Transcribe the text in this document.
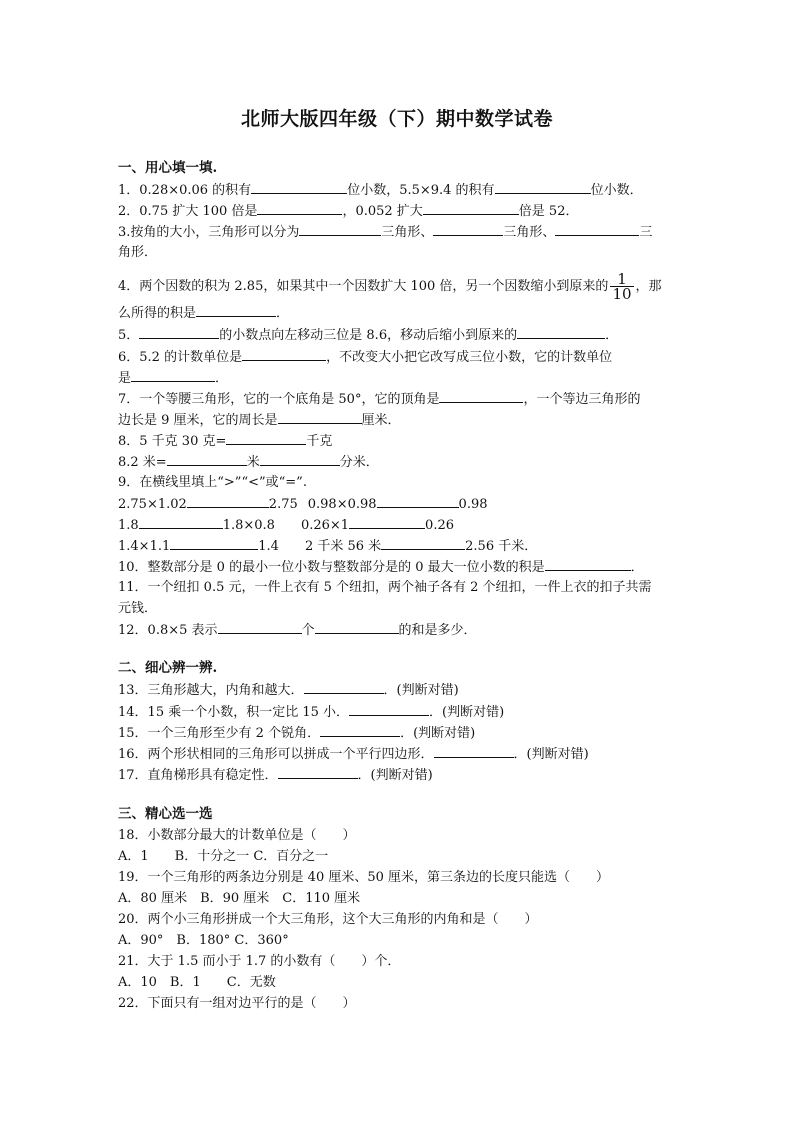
北师大版四年级（下）期中数学试卷
一、用心填一填.
1．0.28×0.06 的积有	位小数，5.5×9.4 的积有	位小数．
2．0.75 扩大 100 倍是	，0.052 扩大	倍是 52．
3.按角的大小，三角形可以分为	三角形、	三角形、	三
角形．
4．两个因数的积为 2.85，如果其中一个因数扩大 100 倍，另一个因数缩小到原来的 $\frac{1}{10}$ ，那
么所得的积是	．
5．	的小数点向左移动三位是 8.6，移动后缩小到原来的	．
6．5.2 的计数单位是	，不改变大小把它改写成三位小数，它的计数单位
是	．
7．一个等腰三角形，它的一个底角是 50°，它的顶角是	，一个等边三角形的
边长是 9 厘米，它的周长是	厘米．
8．5 千克 30 克=	千克
8.2 米=	米	分米．
9．在横线里填上“>”“<”或“=”.
2.75×1.02	2.75 0.98×0.98	0.98
1.8	1.8×0.8 0.26×1	0.26
1.4×1.1	1.4 2 千米 56 米	2.56 千米．
10．整数部分是 0 的最小一位小数与整数部分是的 0 最大一位小数的积是	．
11．一个纽扣 0.5 元，一件上衣有 5 个纽扣，两个袖子各有 2 个纽扣，一件上衣的扣子共需
元钱．
12．0.8×5 表示	个	的和是多少．
二、细心辨一辨.
13．三角形越大，内角和越大．	．(判断对错)
14．15 乘一个小数，积一定比 15 小．	．(判断对错)
15．一个三角形至少有 2 个锐角．	．(判断对错)
16．两个形状相同的三角形可以拼成一个平行四边形．	．(判断对错)
17．直角梯形具有稳定性．	．(判断对错)
三、精心选一选
18．小数部分最大的计数单位是（　　）
A．1　　B．十分之一 C．百分之一
19．一个三角形的两条边分别是 40 厘米、50 厘米，第三条边的长度只能选（　　）
A．80 厘米　B．90 厘米　C．110 厘米
20．两个小三角形拼成一个大三角形，这个大三角形的内角和是（　　）
A．90°　B．180° C．360°
21．大于 1.5 而小于 1.7 的小数有（　　）个．
A．10　B．1　　C．无数
22．下面只有一组对边平行的是（　　）
